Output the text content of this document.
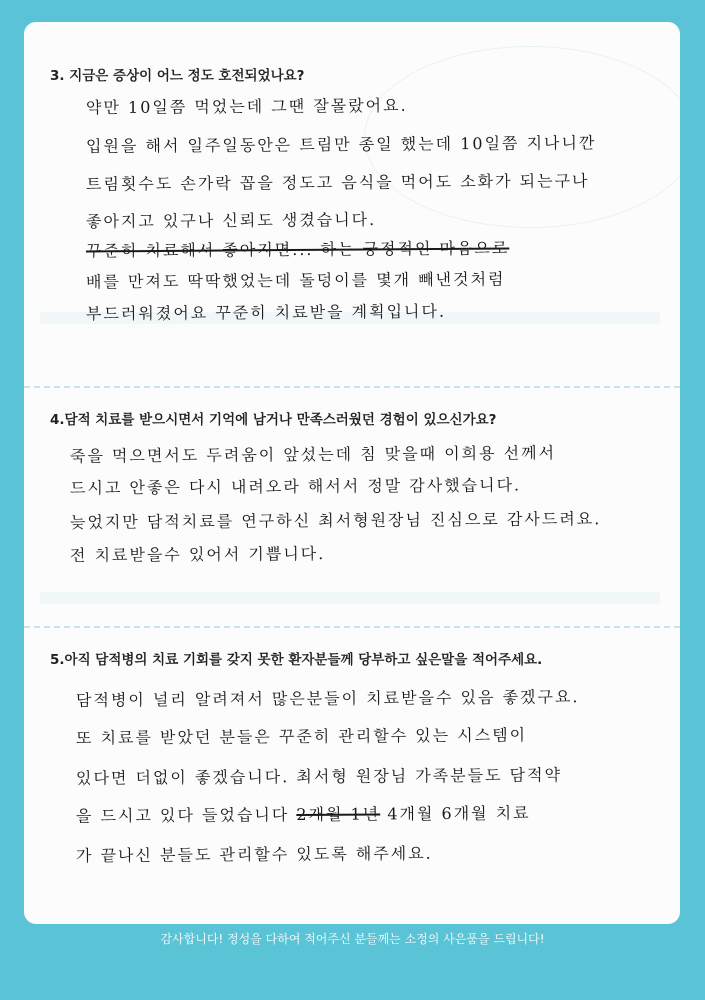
3. 지금은 증상이 어느 정도 호전되었나요?

약만 10일쯤 먹었는데 그땐 잘몰랐어요.

입원을 해서 일주일동안은 트림만 종일 했는데 10일쯤 지나니깐

트림횟수도 손가락 꼽을 정도고 음식을 먹어도 소화가 되는구나

좋아지고 있구나 신뢰도 생겼습니다.

꾸준히 치료해서 좋아지면... 하는 긍정적인 마음으로

배를 만져도 딱딱했었는데 돌덩이를 몇개 빼낸것처럼

부드러워졌어요 꾸준히 치료받을 계획입니다.

4.담적 치료를 받으시면서 기억에 남거나 만족스러웠던 경험이 있으신가요?

죽을 먹으면서도 두려움이 앞섰는데 침 맞을때 이희용 선께서

드시고 안좋은 다시 내려오라 해서서 정말 감사했습니다.

늦었지만 담적치료를 연구하신 최서형원장님 진심으로 감사드려요.

전 치료받을수 있어서 기쁩니다.

5.아직 담적병의 치료 기회를 갖지 못한 환자분들께 당부하고 싶은말을 적어주세요.

담적병이 널리 알려져서 많은분들이 치료받을수 있음 좋겠구요.

또 치료를 받았던 분들은 꾸준히 관리할수 있는 시스템이

있다면 더없이 좋겠습니다. 최서형 원장님 가족분들도 담적약

을 드시고 있다 들었습니다 2개월 1년 4개월 6개월 치료

가 끝나신 분들도 관리할수 있도록 해주세요.

감사합니다! 정성을 다하여 적어주신 분들께는 소정의 사은품을 드립니다!
